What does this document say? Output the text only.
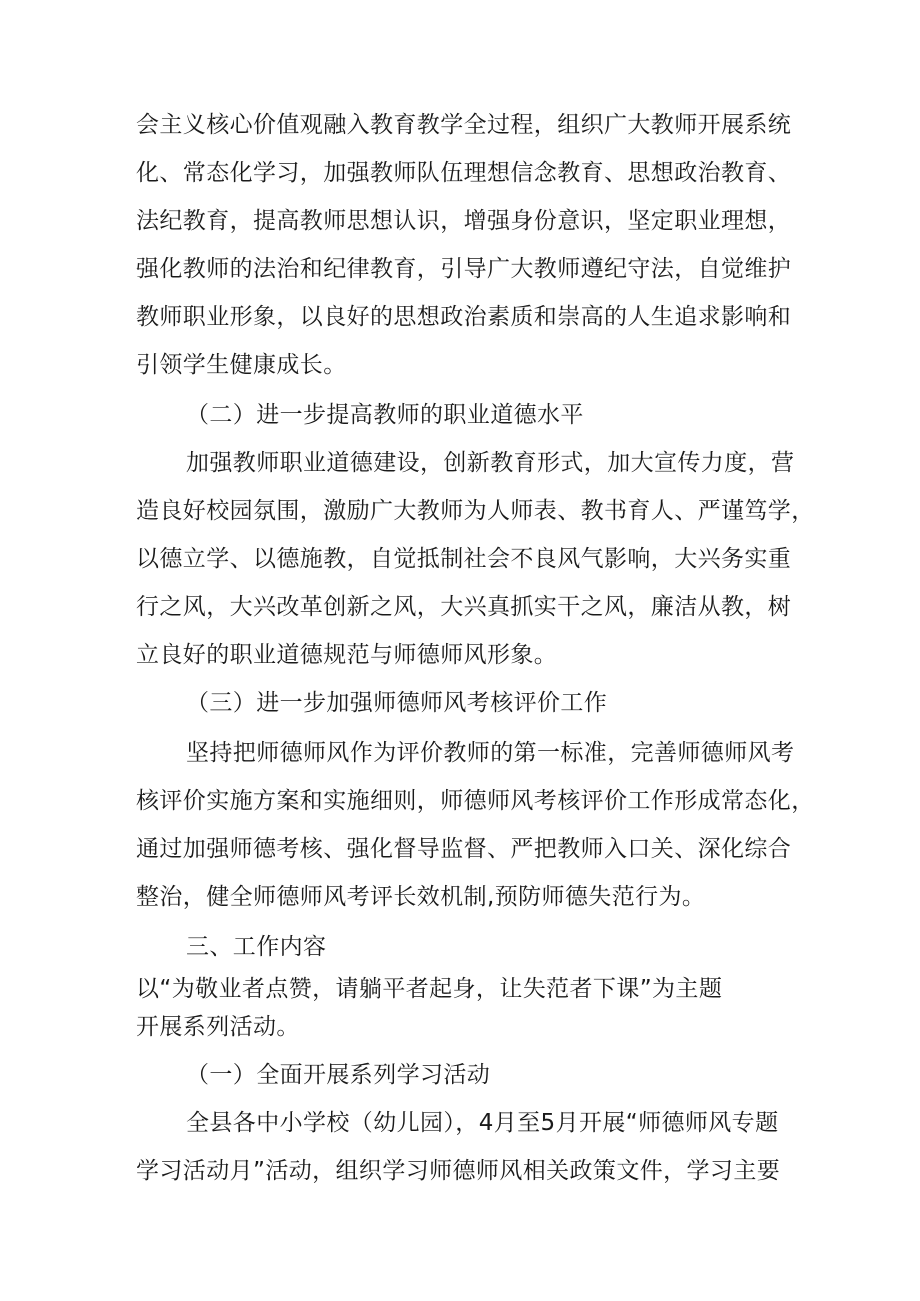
会主义核心价值观融入教育教学全过程，组织广大教师开展系统
化、常态化学习，加强教师队伍理想信念教育、思想政治教育、
法纪教育，提高教师思想认识，增强身份意识，坚定职业理想，
强化教师的法治和纪律教育，引导广大教师遵纪守法，自觉维护
教师职业形象，以良好的思想政治素质和崇高的人生追求影响和
引领学生健康成长。
（二）进一步提高教师的职业道德水平
加强教师职业道德建设，创新教育形式，加大宣传力度，营
造良好校园氛围，激励广大教师为人师表、教书育人、严谨笃学，
以德立学、以德施教，自觉抵制社会不良风气影响，大兴务实重
行之风，大兴改革创新之风，大兴真抓实干之风，廉洁从教，树
立良好的职业道德规范与师德师风形象。
（三）进一步加强师德师风考核评价工作
坚持把师德师风作为评价教师的第一标准，完善师德师风考
核评价实施方案和实施细则，师德师风考核评价工作形成常态化，
通过加强师德考核、强化督导监督、严把教师入口关、深化综合
整治，健全师德师风考评长效机制,预防师德失范行为。
三、工作内容
以“为敬业者点赞，请躺平者起身，让失范者下课”为主题
开展系列活动。
（一）全面开展系列学习活动
全县各中小学校（幼儿园），4月至5月开展“师德师风专题
学习活动月”活动，组织学习师德师风相关政策文件，学习主要
